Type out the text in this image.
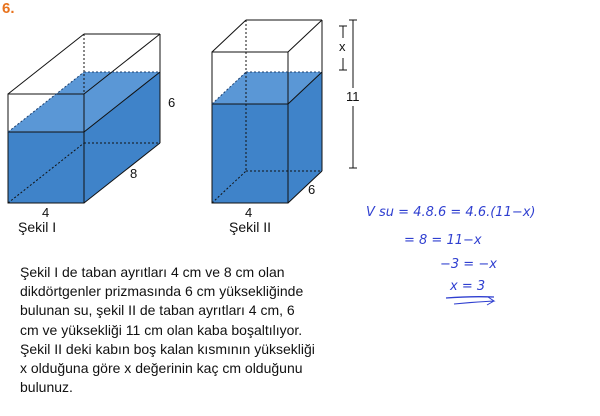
6.
6
8
4
Şekil I
x
11
6
4
Şekil II
Şekil I de taban ayrıtları 4 cm ve 8 cm olan
dikdörtgenler prizmasında 6 cm yüksekliğinde
bulunan su, şekil II de taban ayrıtları 4 cm, 6
cm ve yüksekliği 11 cm olan kaba boşaltılıyor.
Şekil II deki kabın boş kalan kısmının yüksekliği
x olduğuna göre x değerinin kaç cm olduğunu
bulunuz.
V su = 4.8.6 = 4.6.(11−x)
= 8 = 11−x
−3 = −x
x = 3
